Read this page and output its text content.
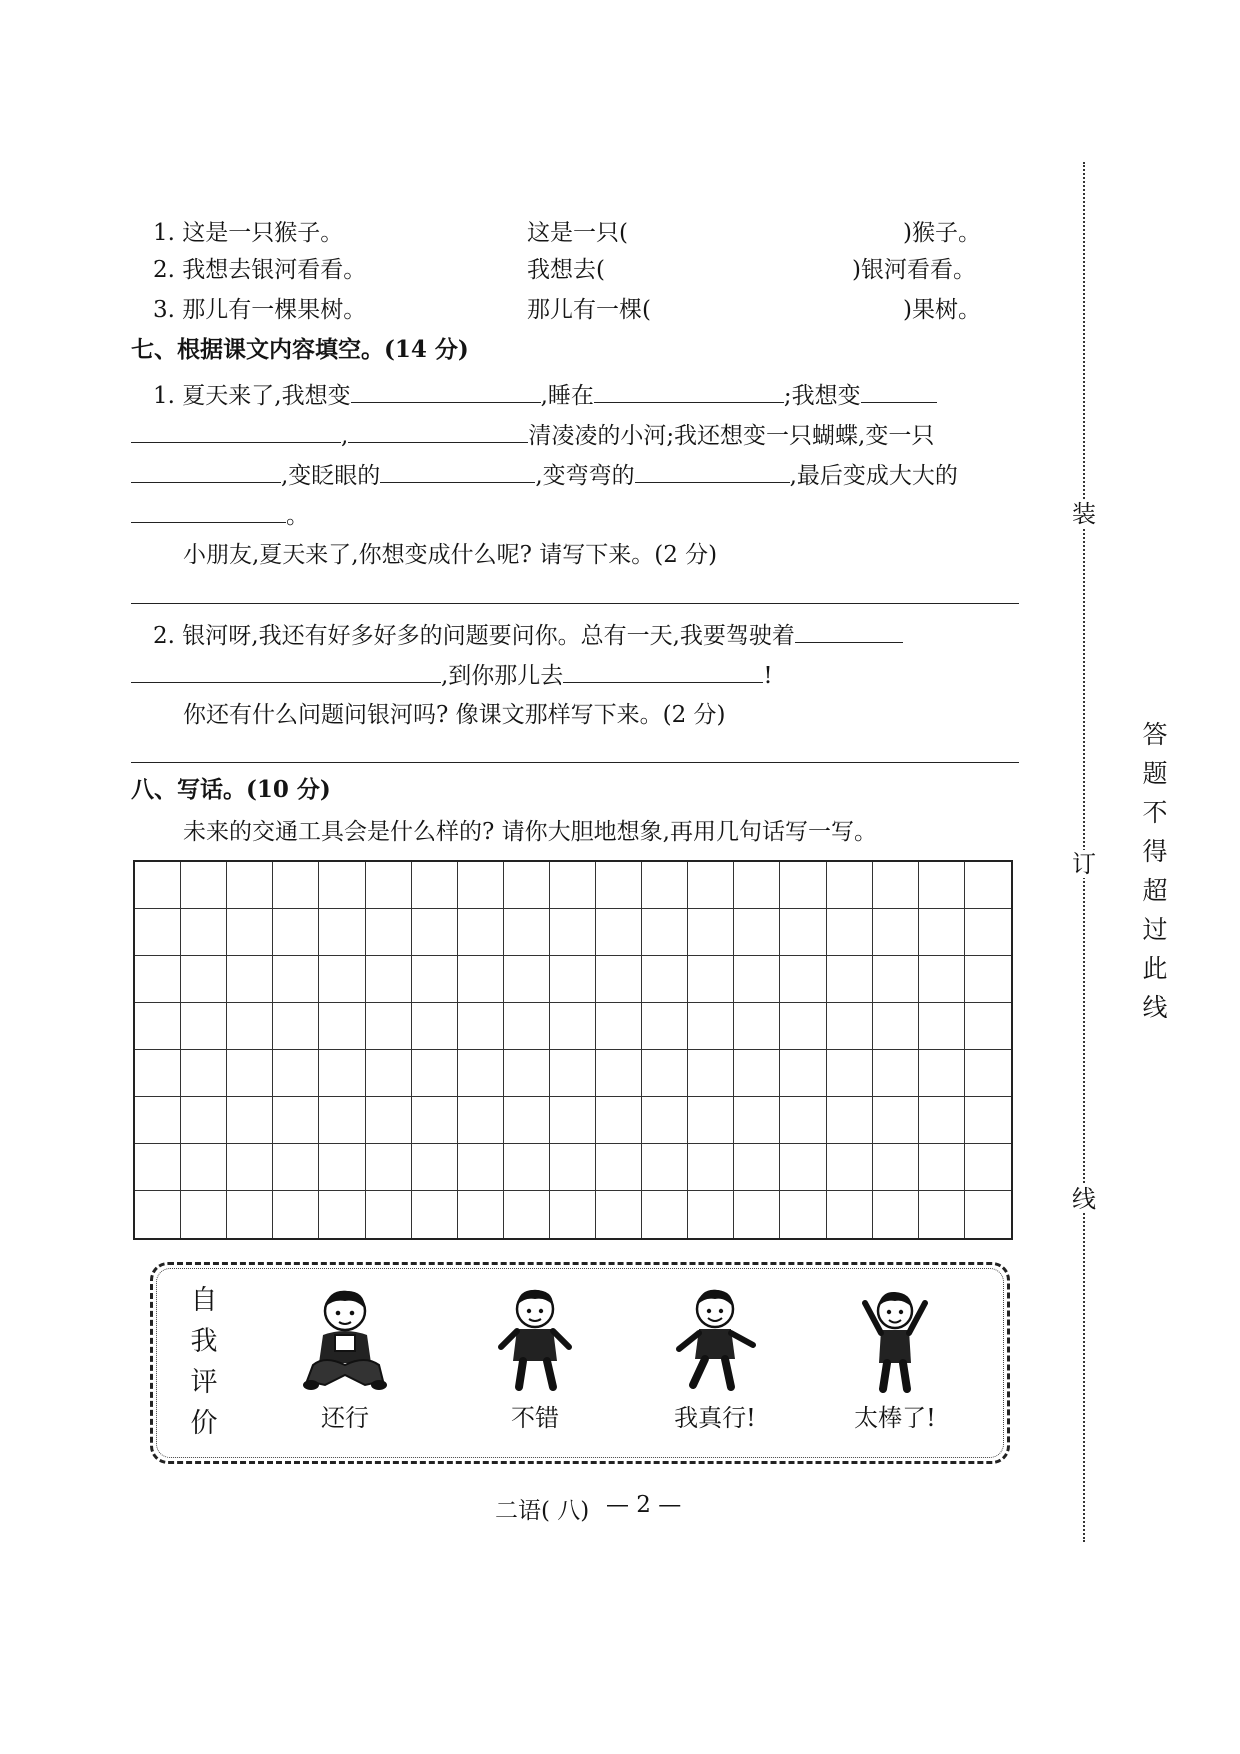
1. 这是一只猴子。	这是一只(	)猴子。
2. 我想去银河看看。	我想去(	)银河看看。
3. 那儿有一棵果树。	那儿有一棵(	)果树。
七、根据课文内容填空。(14 分)
1. 夏天来了,我想变	,睡在	;我想变
,	清凌凌的小河;我还想变一只蝴蝶,变一只
,变眨眼的	,变弯弯的	,最后变成大大的
。
小朋友,夏天来了,你想变成什么呢? 请写下来。(2 分)
2. 银河呀,我还有好多好多的问题要问你。总有一天,我要驾驶着
,到你那儿去	!
你还有什么问题问银河吗? 像课文那样写下来。(2 分)
八、写话。(10 分)
未来的交通工具会是什么样的? 请你大胆地想象,再用几句话写一写。
自我评价	还行	不错	我真行!	太棒了!
二语( 八) — 2 —
装
订
线
答题不得超过此线
